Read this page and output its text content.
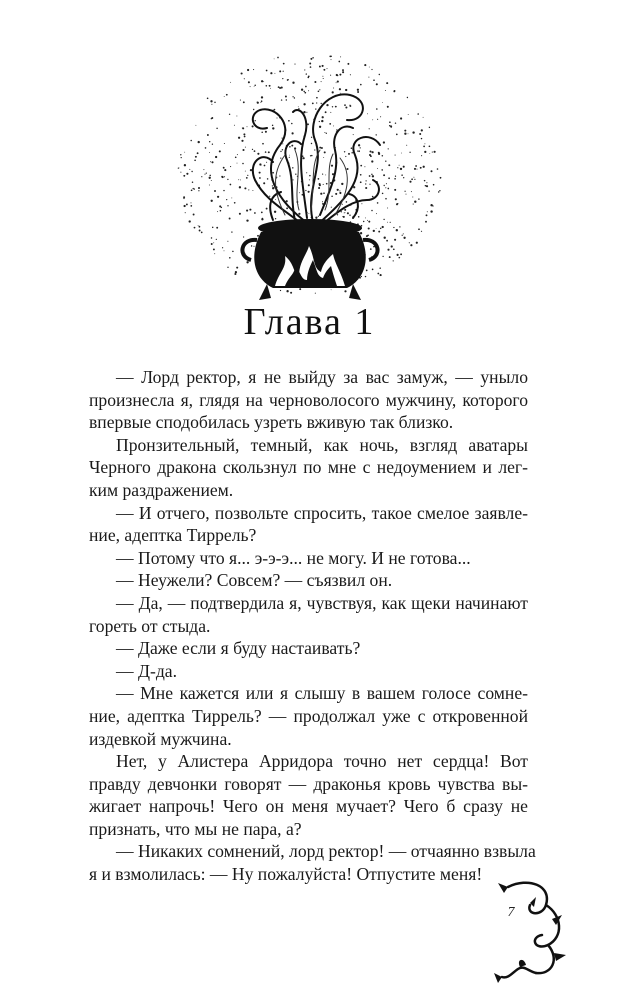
Глава 1

— Лорд ректор, я не выйду за вас замуж, — уныло
произнесла я, глядя на черноволосого мужчину, которого
впервые сподобилась узреть вживую так близко.

Пронзительный, темный, как ночь, взгляд аватары
Черного дракона скользнул по мне с недоумением и лег-
ким раздражением.

— И отчего, позвольте спросить, такое смелое заявле-
ние, адептка Тиррель?

— Потому что я... э-э-э... не могу. И не готова...

— Неужели? Совсем? — съязвил он.

— Да, — подтвердила я, чувствуя, как щеки начинают
гореть от стыда.

— Даже если я буду настаивать?

— Д-да.

— Мне кажется или я слышу в вашем голосе сомне-
ние, адептка Тиррель? — продолжал уже с откровенной
издевкой мужчина.

Нет, у Алистера Арридора точно нет сердца! Вот
правду девчонки говорят — драконья кровь чувства вы-
жигает напрочь! Чего он меня мучает? Чего б сразу не
признать, что мы не пара, а?

— Никаких сомнений, лорд ректор! — отчаянно взвыла
я и взмолилась: — Ну пожалуйста! Отпустите меня!

7
